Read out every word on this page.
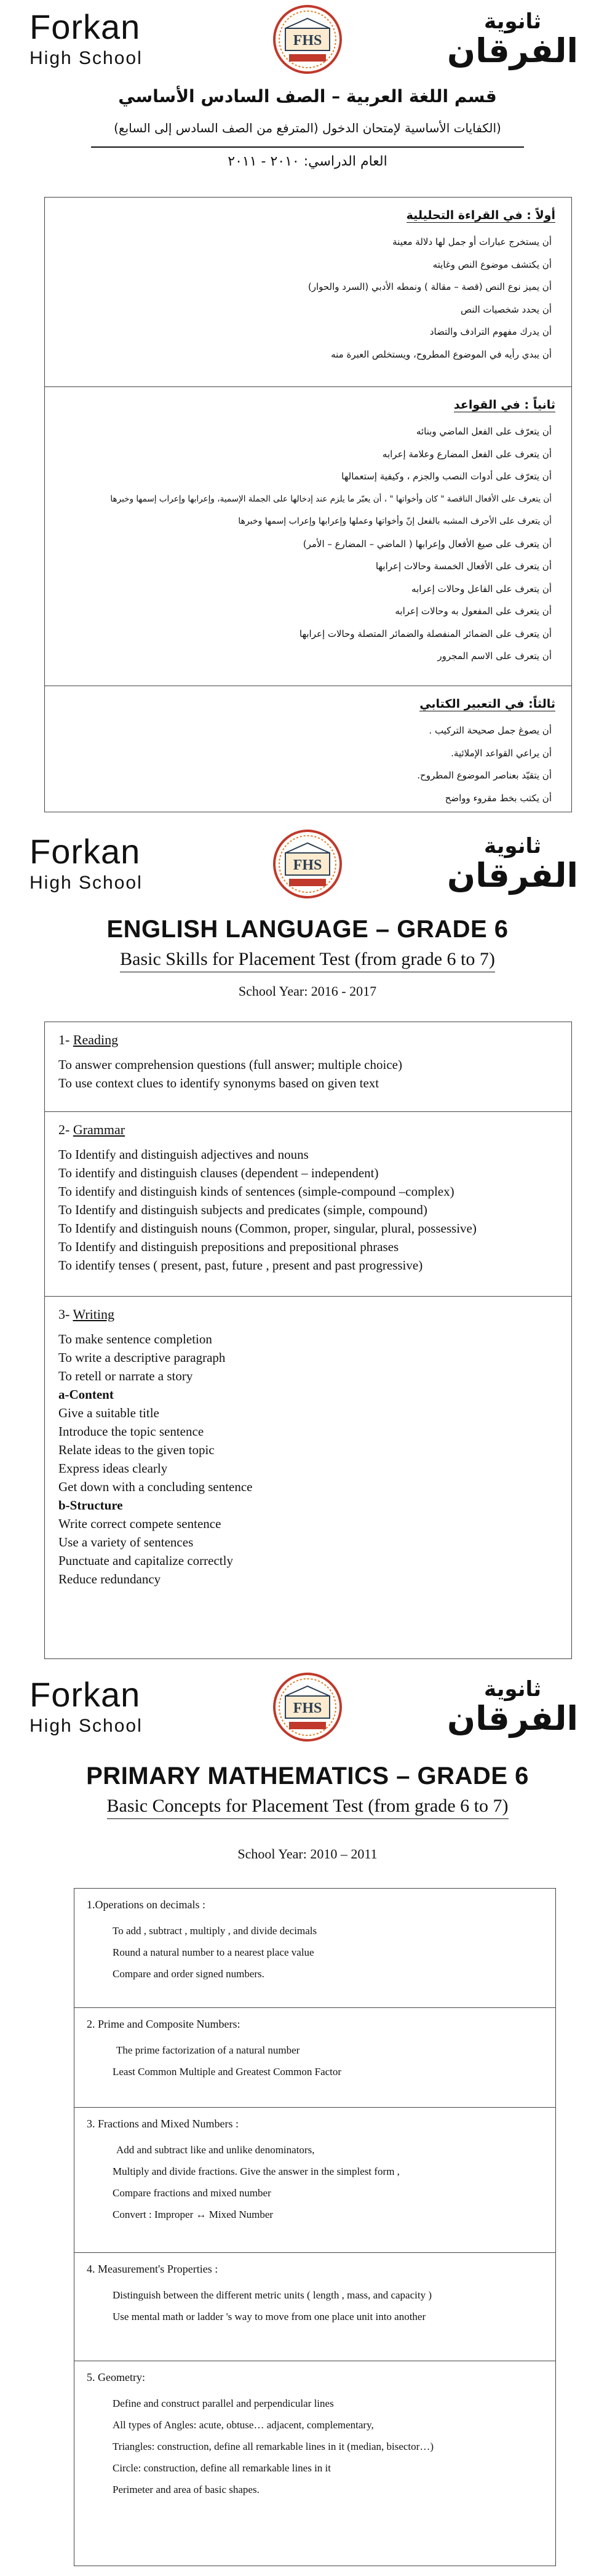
Forkan
High School
FHS
ثانوية
الفرقان
قسم اللغة العربية – الصف السادس الأساسي
(الكفايات الأساسية لإمتحان الدخول (المترفع من الصف السادس إلى السابع)
العام الدراسي: ٢٠١٠ - ٢٠١١
أولاً : في القراءة التحليلية
أن يستخرج عبارات أو جمل لها دلالة معينة
أن يكتشف موضوع النص وغايته
أن يميز نوع النص (قصة – مقالة ) ونمطه الأدبي (السرد والحوار)
أن يحدد شخصيات النص
أن يدرك مفهوم الترادف والتضاد
أن يبدي رأيه في الموضوع المطروح، ويستخلص العبرة منه
ثانياً : في القواعد
أن يتعرّف على الفعل الماضي وبنائه
أن يتعرف على الفعل المضارع وعلامة إعرابه
أن يتعرّف على أدوات النصب والجزم ، وكيفية إستعمالها
أن يتعرف على الأفعال الناقصة " كان وأخواتها " ، أن يعبّر ما يلزم عند إدخالها على الجملة الإسمية، وإعرابها وإعراب إسمها وخبرها
أن يتعرف على الأحرف المشبه بالفعل إنّ وأخواتها وعملها وإعرابها وإعراب إسمها وخبرها
أن يتعرف على صيغ الأفعال وإعرابها ( الماضي – المضارع – الأمر)
أن يتعرف على الأفعال الخمسة وحالات إعرابها
أن يتعرف على الفاعل وحالات إعرابه
أن يتعرف على المفعول به وحالات إعرابه
أن يتعرف على الضمائر المنفصلة والضمائر المتصلة وحالات إعرابها
أن يتعرف على الاسم المجرور
ثالثاً: في التعبير الكتابي
أن يصوغ جمل صحيحة التركيب .
أن يراعي القواعد الإملائية.
أن يتقيّد بعناصر الموضوع المطروح.
أن يكتب بخط مقروء وواضح
Forkan
High School
FHS
ثانوية
الفرقان
ENGLISH LANGUAGE – GRADE 6
Basic Skills for Placement Test (from grade 6 to 7)
School Year: 2016 - 2017
1- Reading
To answer comprehension questions (full answer; multiple choice)
To use context clues to identify synonyms based on given text
2- Grammar
To Identify and distinguish adjectives and nouns
To identify and distinguish clauses (dependent – independent)
To identify and distinguish kinds of sentences (simple-compound –complex)
To Identify and distinguish subjects and predicates (simple, compound)
To Identify and distinguish nouns (Common, proper, singular, plural, possessive)
To Identify and distinguish prepositions and prepositional phrases
To identify tenses ( present, past, future , present and past progressive)
3- Writing
To make sentence completion
To write a descriptive paragraph
To retell or narrate a story
a-Content
Give a suitable title
Introduce the topic sentence
Relate ideas to the given topic
Express ideas clearly
Get down with a concluding sentence
b-Structure
Write correct compete sentence
Use a variety of sentences
Punctuate and capitalize correctly
Reduce redundancy
Forkan
High School
FHS
ثانوية
الفرقان
PRIMARY MATHEMATICS – GRADE 6
Basic Concepts for Placement Test (from grade 6 to 7)
School Year: 2010 – 2011
1.Operations on decimals :
To add , subtract , multiply , and divide decimals
Round a natural number to a nearest place value
Compare and order signed numbers.
2. Prime and Composite Numbers:
The prime factorization of a natural number
Least Common Multiple and Greatest Common Factor
3. Fractions and Mixed Numbers :
Add and subtract like and unlike denominators,
Multiply and divide fractions. Give the answer in the simplest form ,
Compare fractions and mixed number
Convert : Improper ↔ Mixed Number
4. Measurement's Properties :
Distinguish between the different metric units ( length , mass, and capacity )
Use mental math or ladder 's way to move from one place unit into another
5. Geometry:
Define and construct parallel and perpendicular lines
All types of Angles: acute, obtuse… adjacent, complementary,
Triangles: construction, define all remarkable lines in it (median, bisector…)
Circle: construction, define all remarkable lines in it
Perimeter and area of basic shapes.
